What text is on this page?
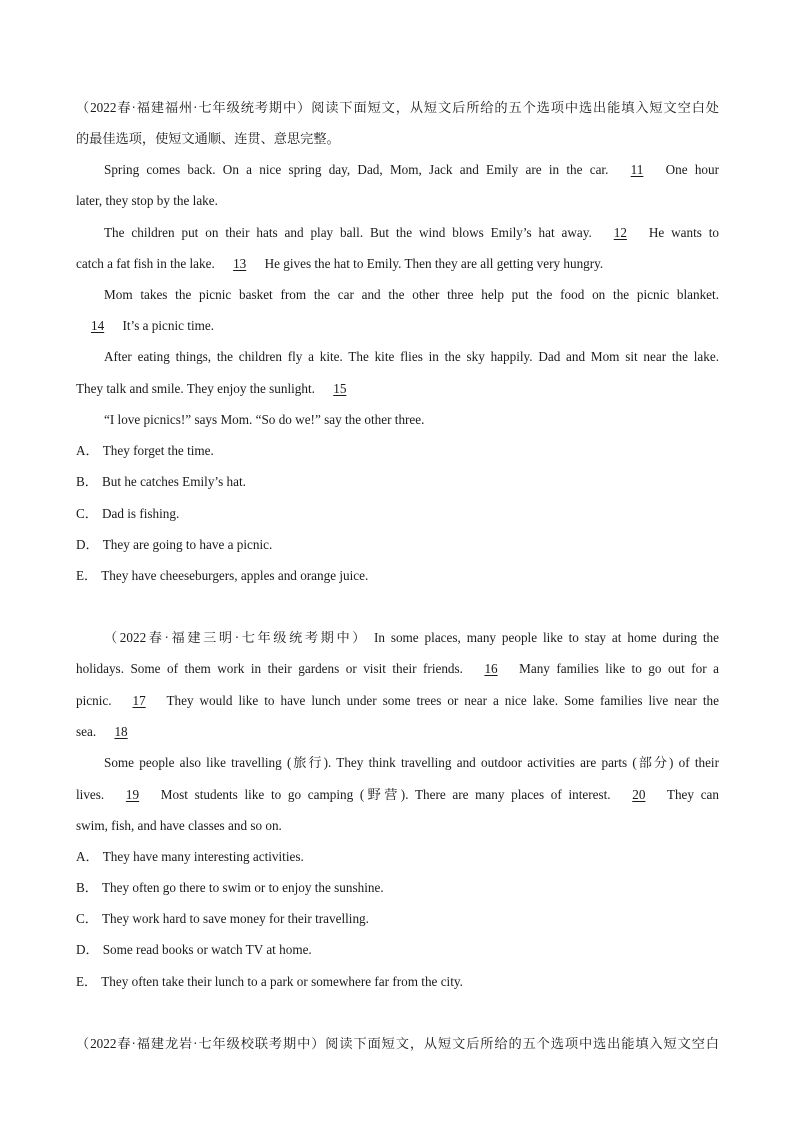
（2022春·福建福州·七年级统考期中）阅读下面短文，从短文后所给的五个选项中选出能填入短文空白处
的最佳选项，使短文通顺、连贯、意思完整。
Spring comes back. On a nice spring day, Dad, Mom, Jack and Emily are in the car. 11 One hour
later, they stop by the lake.
The children put on their hats and play ball. But the wind blows Emily’s hat away. 12 He wants to
catch a fat fish in the lake. 13 He gives the hat to Emily. Then they are all getting very hungry.
Mom takes the picnic basket from the car and the other three help put the food on the picnic blanket.
14 It’s a picnic time.
After eating things, the children fly a kite. The kite flies in the sky happily. Dad and Mom sit near the lake.
They talk and smile. They enjoy the sunlight. 15
“I love picnics!” says Mom. “So do we!” say the other three.
A． They forget the time.
B． But he catches Emily’s hat.
C． Dad is fishing.
D． They are going to have a picnic.
E． They have cheeseburgers, apples and orange juice.
（2022春·福建三明·七年级统考期中） In some places, many people like to stay at home during the
holidays. Some of them work in their gardens or visit their friends. 16 Many families like to go out for a
picnic. 17 They would like to have lunch under some trees or near a nice lake. Some families live near the
sea. 18
Some people also like travelling (旅行). They think travelling and outdoor activities are parts (部分) of their
lives. 19 Most students like to go camping (野营). There are many places of interest. 20 They can
swim, fish, and have classes and so on.
A． They have many interesting activities.
B． They often go there to swim or to enjoy the sunshine.
C． They work hard to save money for their travelling.
D． Some read books or watch TV at home.
E． They often take their lunch to a park or somewhere far from the city.
（2022春·福建龙岩·七年级校联考期中）阅读下面短文，从短文后所给的五个选项中选出能填入短文空白
